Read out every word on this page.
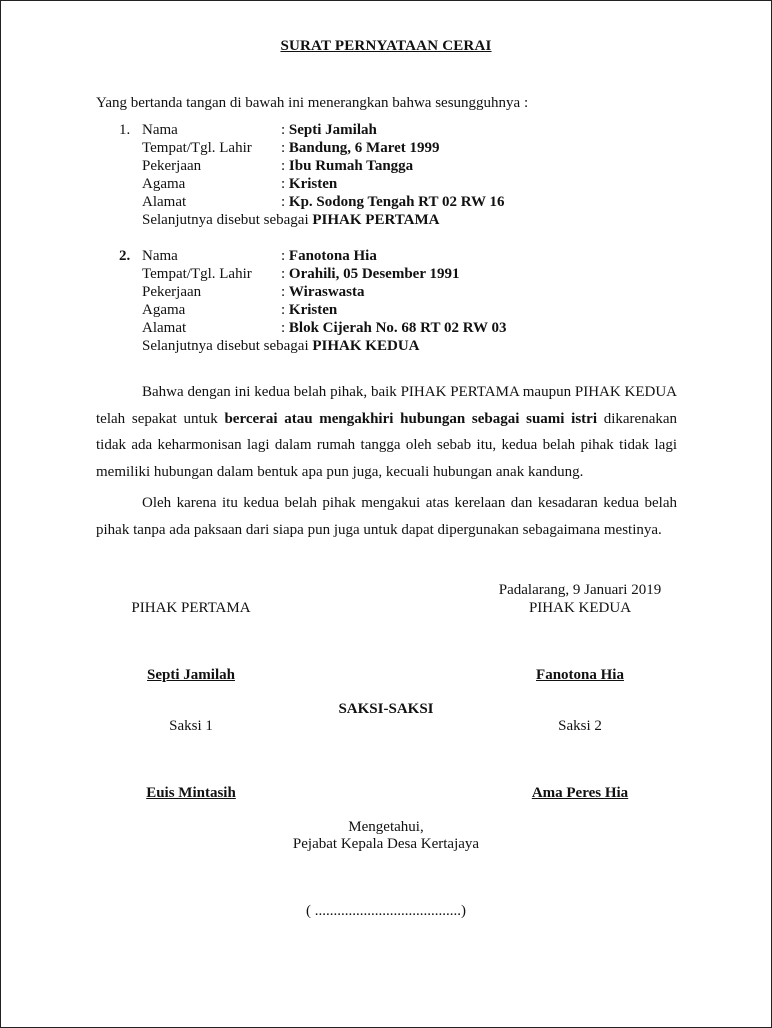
SURAT PERNYATAAN CERAI
Yang bertanda tangan di bawah ini menerangkan bahwa sesungguhnya :
1. Nama	: Septi Jamilah
Tempat/Tgl. Lahir : Bandung, 6 Maret 1999
Pekerjaan	: Ibu Rumah Tangga
Agama	: Kristen
Alamat	: Kp. Sodong Tengah RT 02 RW 16
Selanjutnya disebut sebagai PIHAK PERTAMA
2. Nama	: Fanotona Hia
Tempat/Tgl. Lahir : Orahili, 05 Desember 1991
Pekerjaan	: Wiraswasta
Agama	: Kristen
Alamat	: Blok Cijerah No. 68 RT 02 RW 03
Selanjutnya disebut sebagai PIHAK KEDUA
Bahwa dengan ini kedua belah pihak, baik PIHAK PERTAMA maupun PIHAK KEDUA telah sepakat untuk bercerai atau mengakhiri hubungan sebagai suami istri dikarenakan tidak ada keharmonisan lagi dalam rumah tangga oleh sebab itu, kedua belah pihak tidak lagi memiliki hubungan dalam bentuk apa pun juga, kecuali hubungan anak kandung.
Oleh karena itu kedua belah pihak mengakui atas kerelaan dan kesadaran kedua belah pihak tanpa ada paksaan dari siapa pun juga untuk dapat dipergunakan sebagaimana mestinya.
Padalarang, 9 Januari 2019
PIHAK PERTAMA	PIHAK KEDUA
Septi Jamilah	Fanotona Hia
SAKSI-SAKSI
Saksi 1	Saksi 2
Euis Mintasih	Ama Peres Hia
Mengetahui,
Pejabat Kepala Desa Kertajaya
( .......................................)
